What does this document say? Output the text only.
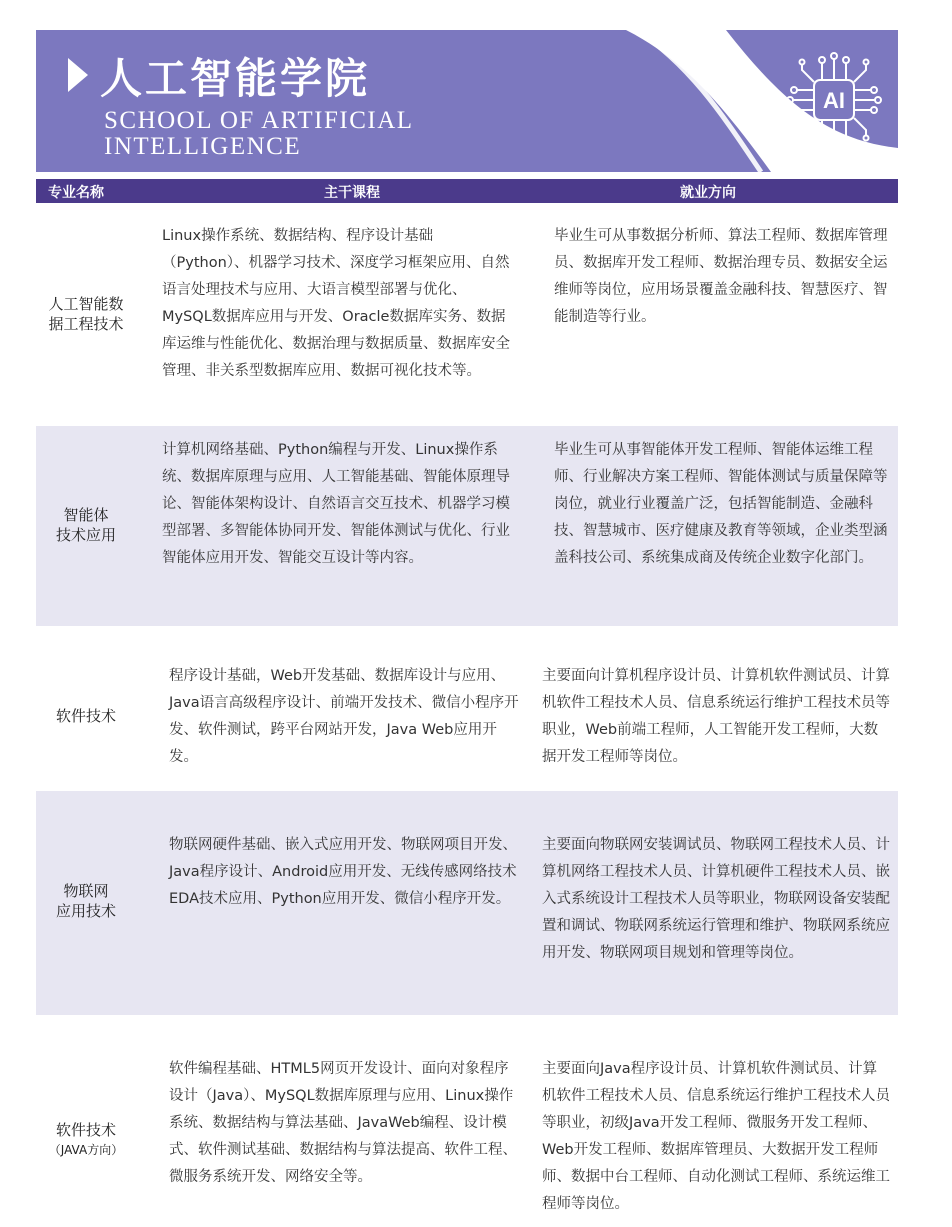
人工智能学院
SCHOOL OF ARTIFICIAL
INTELLIGENCE
AI
专业名称	主干课程	就业方向
人工智能数
据工程技术

Linux操作系统、数据结构、程序设计基础（Python）、机器学习技术、深度学习框架应用、自然语言处理技术与应用、大语言模型部署与优化、MySQL数据库应用与开发、Oracle数据库实务、数据库运维与性能优化、数据治理与数据质量、数据库安全管理、非关系型数据库应用、数据可视化技术等。

毕业生可从事数据分析师、算法工程师、数据库管理员、数据库开发工程师、数据治理专员、数据安全运维师等岗位，应用场景覆盖金融科技、智慧医疗、智能制造等行业。

智能体
技术应用

计算机网络基础、Python编程与开发、Linux操作系统、数据库原理与应用、人工智能基础、智能体原理导论、智能体架构设计、自然语言交互技术、机器学习模型部署、多智能体协同开发、智能体测试与优化、行业智能体应用开发、智能交互设计等内容。

毕业生可从事智能体开发工程师、智能体运维工程师、行业解决方案工程师、智能体测试与质量保障等岗位，就业行业覆盖广泛，包括智能制造、金融科技、智慧城市、医疗健康及教育等领域，企业类型涵盖科技公司、系统集成商及传统企业数字化部门。

软件技术

程序设计基础，Web开发基础、数据库设计与应用、Java语言高级程序设计、前端开发技术、微信小程序开发、软件测试，跨平台网站开发，Java Web应用开发。

主要面向计算机程序设计员、计算机软件测试员、计算机软件工程技术人员、信息系统运行维护工程技术员等职业，Web前端工程师，人工智能开发工程师，大数据开发工程师等岗位。

物联网
应用技术

物联网硬件基础、嵌入式应用开发、物联网项目开发、Java程序设计、Android应用开发、无线传感网络技术EDA技术应用、Python应用开发、微信小程序开发。

主要面向物联网安装调试员、物联网工程技术人员、计算机网络工程技术人员、计算机硬件工程技术人员、嵌入式系统设计工程技术人员等职业，物联网设备安装配置和调试、物联网系统运行管理和维护、物联网系统应用开发、物联网项目规划和管理等岗位。

软件技术
（JAVA方向）

软件编程基础、HTML5网页开发设计、面向对象程序设计（Java）、MySQL数据库原理与应用、Linux操作系统、数据结构与算法基础、JavaWeb编程、设计模式、软件测试基础、数据结构与算法提高、软件工程、微服务系统开发、网络安全等。

主要面向Java程序设计员、计算机软件测试员、计算机软件工程技术人员、信息系统运行维护工程技术人员等职业，初级Java开发工程师、微服务开发工程师、Web开发工程师、数据库管理员、大数据开发工程师师、数据中台工程师、自动化测试工程师、系统运维工程师等岗位。
